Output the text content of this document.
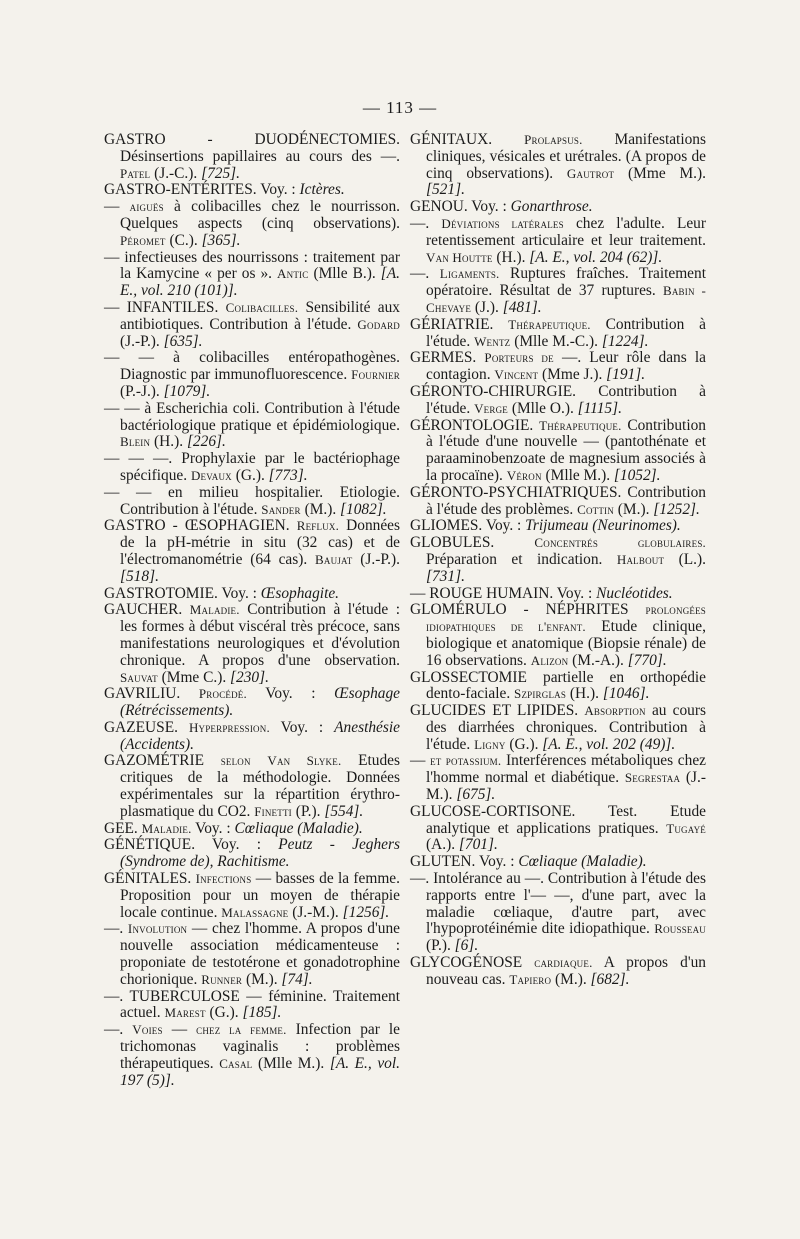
— 113 —

GASTRO - DUODÉNECTOMIES. Désinsertions papillaires au cours des —. Patel (J.-C.). [725].

GASTRO-ENTÉRITES. Voy. : Ictères.

— aiguës à colibacilles chez le nourrisson. Quelques aspects (cinq observations). Péromet (C.). [365].

— infectieuses des nourrissons : traitement par la Kamycine « per os ». Antic (Mlle B.). [A. E., vol. 210 (101)].

— INFANTILES. Colibacilles. Sensibilité aux antibiotiques. Contribution à l'étude. Godard (J.-P.). [635].

— — à colibacilles entéropathogènes. Diagnostic par immunofluorescence. Fournier (P.-J.). [1079].

— — à Escherichia coli. Contribution à l'étude bactériologique pratique et épidémiologique. Blein (H.). [226].

— — —. Prophylaxie par le bactériophage spécifique. Devaux (G.). [773].

— — en milieu hospitalier. Etiologie. Contribution à l'étude. Sander (M.). [1082].

GASTRO - ŒSOPHAGIEN. Reflux. Données de la pH-métrie in situ (32 cas) et de l'électromanométrie (64 cas). Baujat (J.-P.). [518].

GASTROTOMIE. Voy. : Œsophagite.

GAUCHER. Maladie. Contribution à l'étude : les formes à début viscéral très précoce, sans manifestations neurologiques et d'évolution chronique. A propos d'une observation. Sauvat (Mme C.). [230].

GAVRILIU. Procédé. Voy. : Œsophage (Rétrécissements).

GAZEUSE. Hyperpression. Voy. : Anesthésie (Accidents).

GAZOMÉTRIE selon Van Slyke. Etudes critiques de la méthodologie. Données expérimentales sur la répartition érythro-plasmatique du CO2. Finetti (P.). [554].

GEE. Maladie. Voy. : Cœliaque (Maladie).

GÉNÉTIQUE. Voy. : Peutz - Jeghers (Syndrome de), Rachitisme.

GÉNITALES. Infections — basses de la femme. Proposition pour un moyen de thérapie locale continue. Malassagne (J.-M.). [1256].

—. Involution — chez l'homme. A propos d'une nouvelle association médicamenteuse : proponiate de testotérone et gonadotrophine chorionique. Runner (M.). [74].

—. TUBERCULOSE — féminine. Traitement actuel. Marest (G.). [185].

—. Voies — chez la femme. Infection par le trichomonas vaginalis : problèmes thérapeutiques. Casal (Mlle M.). [A. E., vol. 197 (5)].

GÉNITAUX. Prolapsus. Manifestations cliniques, vésicales et urétrales. (A propos de cinq observations). Gautrot (Mme M.). [521].

GENOU. Voy. : Gonarthrose.

—. Déviations latérales chez l'adulte. Leur retentissement articulaire et leur traitement. Van Houtte (H.). [A. E., vol. 204 (62)].

—. Ligaments. Ruptures fraîches. Traitement opératoire. Résultat de 37 ruptures. Babin - Chevaye (J.). [481].

GÉRIATRIE. Thérapeutique. Contribution à l'étude. Wentz (Mlle M.-C.). [1224].

GERMES. Porteurs de —. Leur rôle dans la contagion. Vincent (Mme J.). [191].

GÉRONTO-CHIRURGIE. Contribution à l'étude. Verge (Mlle O.). [1115].

GÉRONTOLOGIE. Thérapeutique. Contribution à l'étude d'une nouvelle — (pantothénate et paraaminobenzoate de magnesium associés à la procaïne). Véron (Mlle M.). [1052].

GÉRONTO-PSYCHIATRIQUES. Contribution à l'étude des problèmes. Cottin (M.). [1252].

GLIOMES. Voy. : Trijumeau (Neurinomes).

GLOBULES.	Concentrés globulaires. Préparation et indication. Halbout (L.). [731].

— ROUGE HUMAIN. Voy. : Nucléotides.

GLOMÉRULO - NÉPHRITES prolongées idiopathiques de l'enfant. Etude clinique, biologique et anatomique (Biopsie rénale) de 16 observations. Alizon (M.-A.). [770].

GLOSSECTOMIE partielle en orthopédie dento-faciale. Szpirglas (H.). [1046].

GLUCIDES ET LIPIDES. Absorption au cours des diarrhées chroniques. Contribution à l'étude. Ligny (G.). [A. E., vol. 202 (49)].

— et potassium. Interférences métaboliques chez l'homme normal et diabétique. Segrestaa (J.-M.). [675].

GLUCOSE-CORTISONE. Test. Etude analytique et applications pratiques. Tugayé (A.). [701].

GLUTEN. Voy. : Cœliaque (Maladie).

—. Intolérance au —. Contribution à l'étude des rapports entre l'— —, d'une part, avec la maladie cœliaque, d'autre part, avec l'hypoprotéinémie dite idiopathique. Rousseau (P.). [6].

GLYCOGÉNOSE cardiaque. A propos d'un nouveau cas. Tapiero (M.). [682].
